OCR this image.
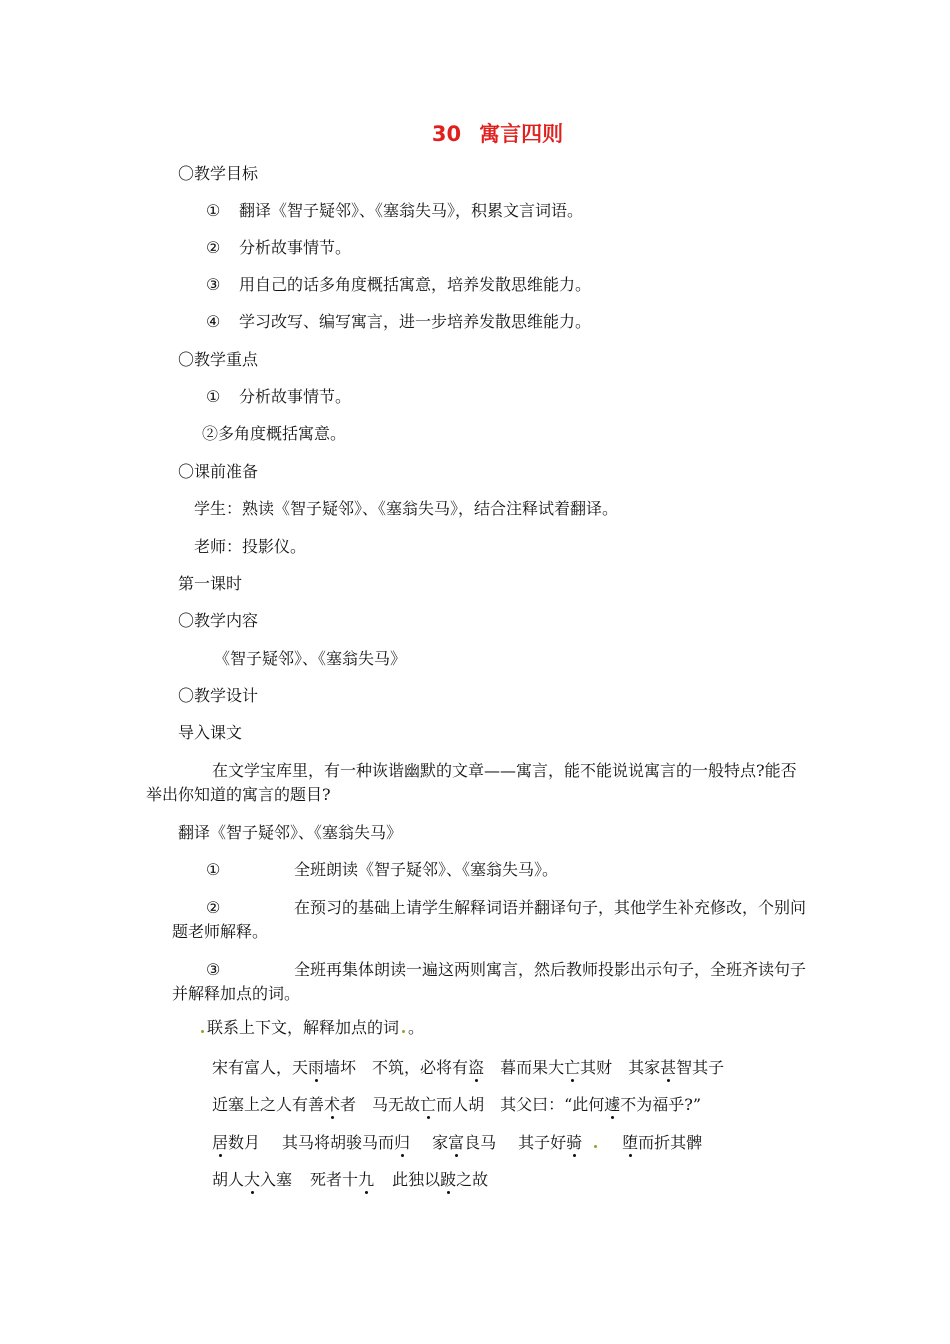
30 寓言四则
〇教学目标
① 翻译《智子疑邻》、《塞翁失马》，积累文言词语。
② 分析故事情节。
③ 用自己的话多角度概括寓意，培养发散思维能力。
④ 学习改写、编写寓言，进一步培养发散思维能力。
〇教学重点
① 分析故事情节。
②多角度概括寓意。
〇课前准备
学生：熟读《智子疑邻》、《塞翁失马》，结合注释试着翻译。
老师：投影仪。
第一课时
〇教学内容
《智子疑邻》、《塞翁失马》
〇教学设计
导入课文
在文学宝库里，有一种诙谐幽默的文章——寓言，能不能说说寓言的一般特点?能否举出你知道的寓言的题目?
翻译《智子疑邻》、《塞翁失马》
①	全班朗读《智子疑邻》、《塞翁失马》。
②	在预习的基础上请学生解释词语并翻译句子，其他学生补充修改，个别问题老师解释。
③	全班再集体朗读一遍这两则寓言，然后教师投影出示句子，全班齐读句子并解释加点的词。
联系上下文，解释加点的词 。
宋有富人，天雨墙坏 不筑，必将有盗 暮而果大亡其财 其家甚智其子
近塞上之人有善术者 马无故亡而人胡 其父曰：“此何遽不为福乎?”
居数月 其马将胡骏马而归 家富良马 其子好骑	堕而折其髀
胡人大入塞 死者十九 此独以跛之故
